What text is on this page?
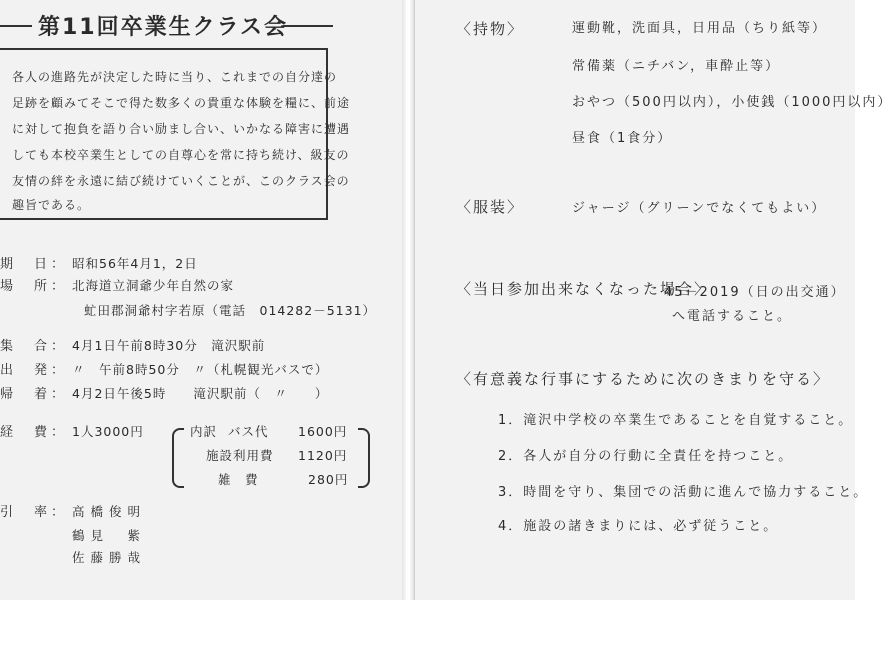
第11回卒業生クラス会
各人の進路先が決定した時に当り、これまでの自分達の
足跡を顧みてそこで得た数多くの貴重な体験を糧に、前途
に対して抱負を語り合い励まし合い、いかなる障害に遭遇
しても本校卒業生としての自尊心を常に持ち続け、級友の
友情の絆を永遠に結び続けていくことが、このクラス会の
趣旨である。
期　日： 昭和56年4月1，2日
場　所： 北海道立洞爺少年自然の家
虻田郡洞爺村字若原（電話　014282－5131）
集　合： 4月1日午前8時30分　滝沢駅前
出　発： 〃　午前8時50分　〃（札幌観光バスで）
帰　着： 4月2日午後5時　　滝沢駅前（　〃　　）
経　費： 1人3000円	内訳 バス代 1600円
施設利用費 1120円
雑　費	280円
引　率： 高橋俊明
鶴見　紫
佐藤勝哉
〈持物〉	運動靴，洗面具，日用品（ちり紙等）
常備薬（ニチバン，車酔止等）
おやつ（500円以内），小使銭（1000円以内）
昼食（1食分）
〈服装〉	ジャージ（グリーンでなくてもよい）
〈当日参加出来なくなった場合〉
45－2019（日の出交通）
へ電話すること。
〈有意義な行事にするために次のきまりを守る〉
1．滝沢中学校の卒業生であることを自覚すること。
2．各人が自分の行動に全責任を持つこと。
3．時間を守り、集団での活動に進んで協力すること。
4．施設の諸きまりには、必ず従うこと。
